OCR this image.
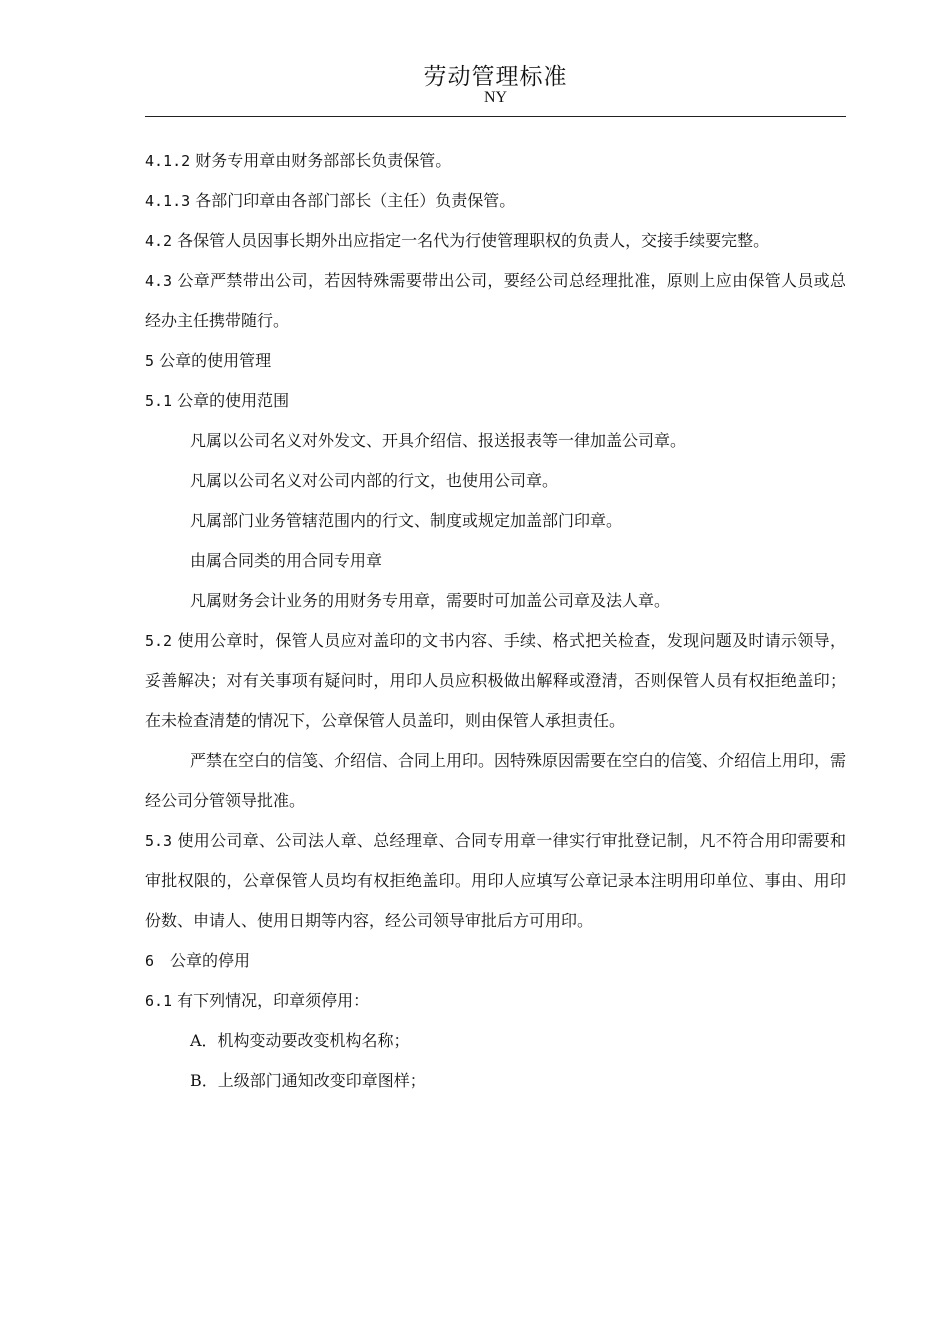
劳动管理标准
NY

4.1.2 财务专用章由财务部部长负责保管。

4.1.3 各部门印章由各部门部长（主任）负责保管。

4.2 各保管人员因事长期外出应指定一名代为行使管理职权的负责人，交接手续要完整。

4.3 公章严禁带出公司，若因特殊需要带出公司，要经公司总经理批准，原则上应由保管人员或总经办主任携带随行。

5 公章的使用管理

5.1 公章的使用范围

凡属以公司名义对外发文、开具介绍信、报送报表等一律加盖公司章。

凡属以公司名义对公司内部的行文，也使用公司章。

凡属部门业务管辖范围内的行文、制度或规定加盖部门印章。

由属合同类的用合同专用章

凡属财务会计业务的用财务专用章，需要时可加盖公司章及法人章。

5.2 使用公章时，保管人员应对盖印的文书内容、手续、格式把关检查，发现问题及时请示领导，妥善解决；对有关事项有疑问时，用印人员应积极做出解释或澄清，否则保管人员有权拒绝盖印；在未检查清楚的情况下，公章保管人员盖印，则由保管人承担责任。

严禁在空白的信笺、介绍信、合同上用印。因特殊原因需要在空白的信笺、介绍信上用印，需经公司分管领导批准。

5.3 使用公司章、公司法人章、总经理章、合同专用章一律实行审批登记制，凡不符合用印需要和审批权限的，公章保管人员均有权拒绝盖印。用印人应填写公章记录本注明用印单位、事由、用印份数、申请人、使用日期等内容，经公司领导审批后方可用印。

6　公章的停用

6.1 有下列情况，印章须停用：

A．机构变动要改变机构名称；

B．上级部门通知改变印章图样；
